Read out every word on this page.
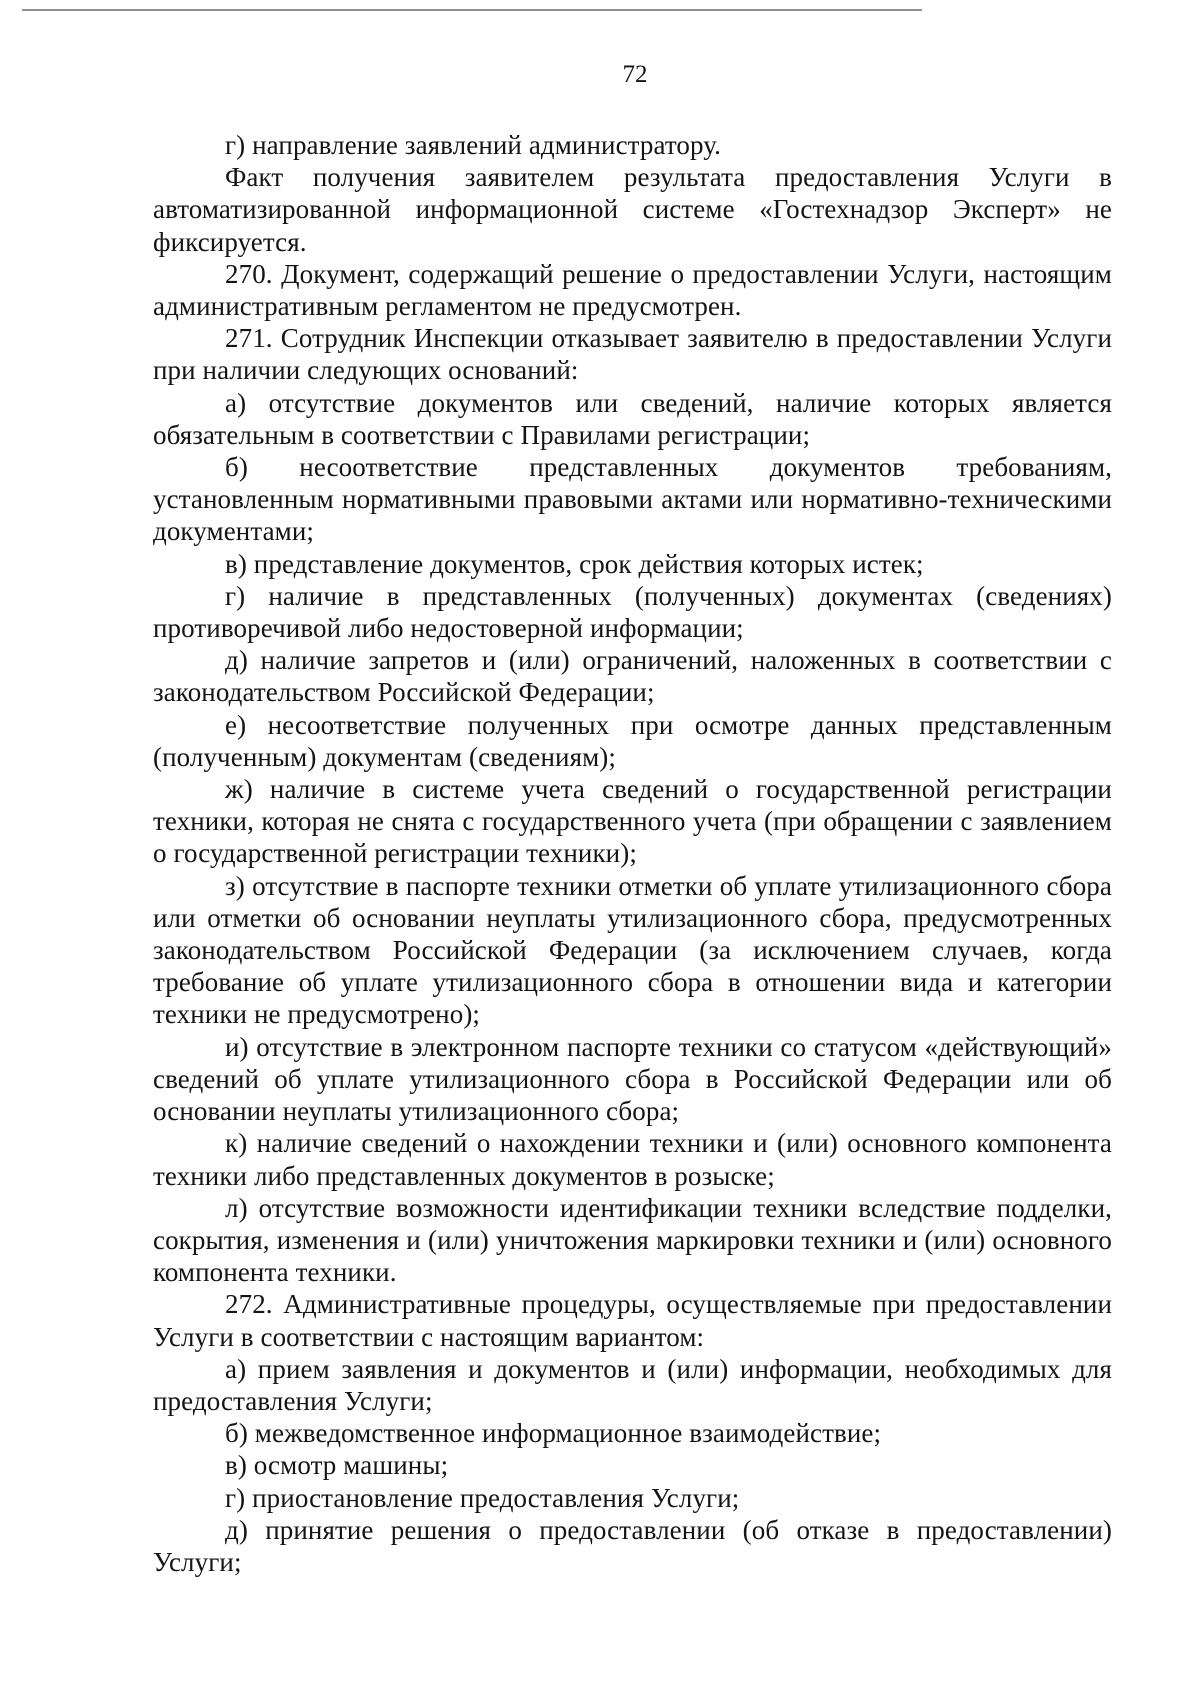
72

г) направление заявлений администратору.

Факт получения заявителем результата предоставления Услуги в автоматизированной информационной системе «Гостехнадзор Эксперт» не фиксируется.

270. Документ, содержащий решение о предоставлении Услуги, настоящим административным регламентом не предусмотрен.

271. Сотрудник Инспекции отказывает заявителю в предоставлении Услуги при наличии следующих оснований:

а) отсутствие документов или сведений, наличие которых является обязательным в соответствии с Правилами регистрации;

б) несоответствие представленных документов требованиям, установленным нормативными правовыми актами или нормативно-техническими документами;

в) представление документов, срок действия которых истек;

г) наличие в представленных (полученных) документах (сведениях) противоречивой либо недостоверной информации;

д) наличие запретов и (или) ограничений, наложенных в соответствии с законодательством Российской Федерации;

е) несоответствие полученных при осмотре данных представленным (полученным) документам (сведениям);

ж) наличие в системе учета сведений о государственной регистрации техники, которая не снята с государственного учета (при обращении с заявлением о государственной регистрации техники);

з) отсутствие в паспорте техники отметки об уплате утилизационного сбора или отметки об основании неуплаты утилизационного сбора, предусмотренных законодательством Российской Федерации (за исключением случаев, когда требование об уплате утилизационного сбора в отношении вида и категории техники не предусмотрено);

и) отсутствие в электронном паспорте техники со статусом «действующий» сведений об уплате утилизационного сбора в Российской Федерации или об основании неуплаты утилизационного сбора;

к) наличие сведений о нахождении техники и (или) основного компонента техники либо представленных документов в розыске;

л) отсутствие возможности идентификации техники вследствие подделки, сокрытия, изменения и (или) уничтожения маркировки техники и (или) основного компонента техники.

272. Административные процедуры, осуществляемые при предоставлении Услуги в соответствии с настоящим вариантом:

а) прием заявления и документов и (или) информации, необходимых для предоставления Услуги;

б) межведомственное информационное взаимодействие;

в) осмотр машины;

г) приостановление предоставления Услуги;

д) принятие решения о предоставлении (об отказе в предоставлении) Услуги;
